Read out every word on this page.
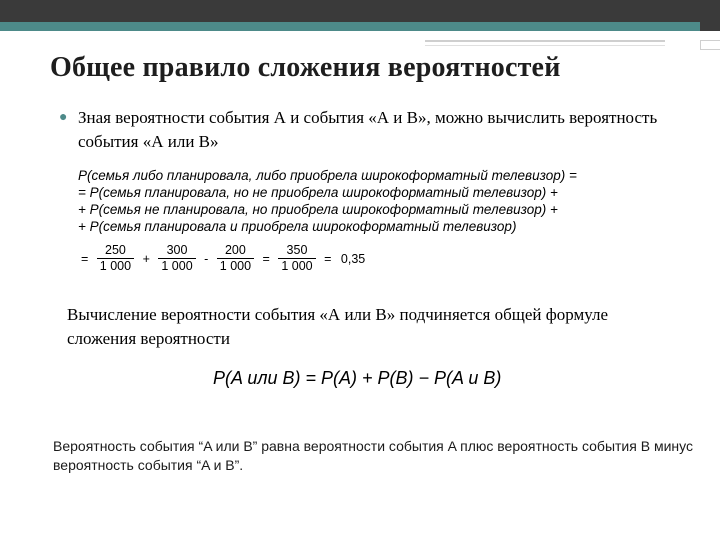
Общее правило сложения вероятностей
● Зная вероятности события А и события «А и В», можно вычислить вероятность события «А или В»
P(семья либо планировала, либо приобрела широкоформатный телевизор) =
= P(семья планировала, но не приобрела широкоформатный телевизор) +
+ P(семья не планировала, но приобрела широкоформатный телевизор) +
+ P(семья планировала и приобрела широкоформатный телевизор)
= $\frac{250}{1 000} + \frac{300}{1 000} - \frac{200}{1 000} = \frac{350}{1 000} = 0,35$
Вычисление вероятности события «А или В» подчиняется общей формуле сложения вероятности
P(A или B) = P(A) + P(B) − P(A и B)
Вероятность события “A или B” равна вероятности события A плюс вероятность события B минус вероятность события “A и B”.
